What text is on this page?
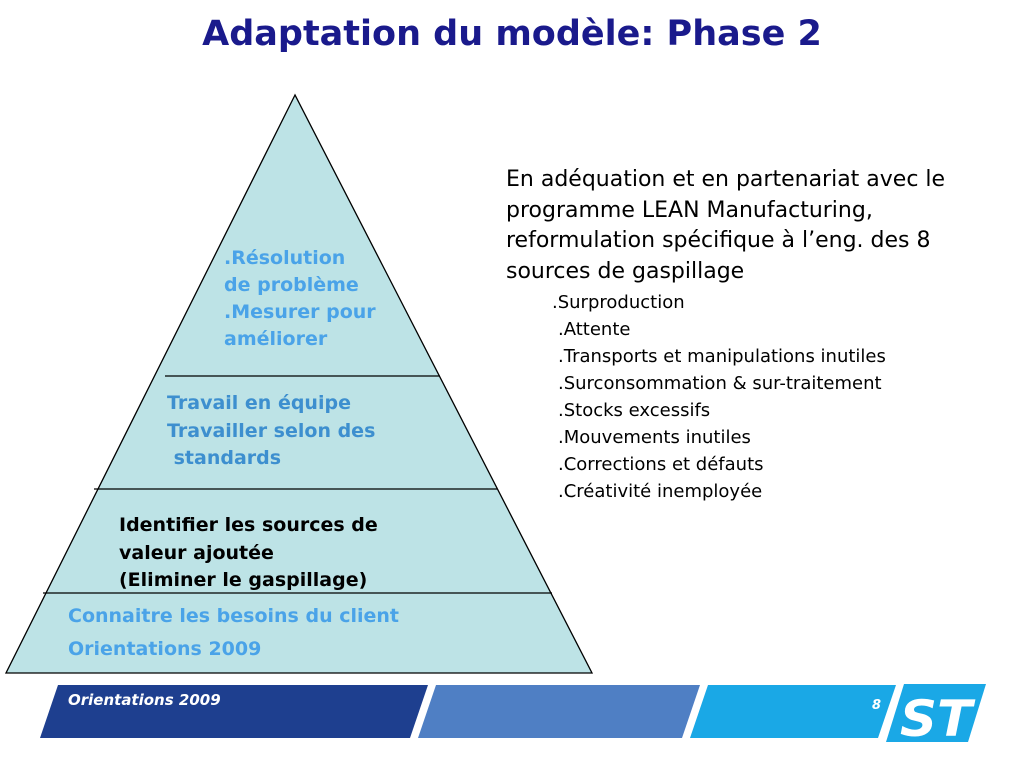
Adaptation du modèle: Phase 2
.Résolution
de problème
.Mesurer pour
améliorer
Travail en équipe
Travailler selon des
standards
Identifier les sources de
valeur ajoutée
(Eliminer le gaspillage)
Connaitre les besoins du client
Orientations 2009
En adéquation et en partenariat avec le programme LEAN Manufacturing, reformulation spécifique à l’eng. des 8 sources de gaspillage
.Surproduction
.Attente
.Transports et manipulations inutiles
.Surconsommation & sur-traitement
.Stocks excessifs
.Mouvements inutiles
.Corrections et défauts
.Créativité inemployée
ST
Orientations 2009	8
